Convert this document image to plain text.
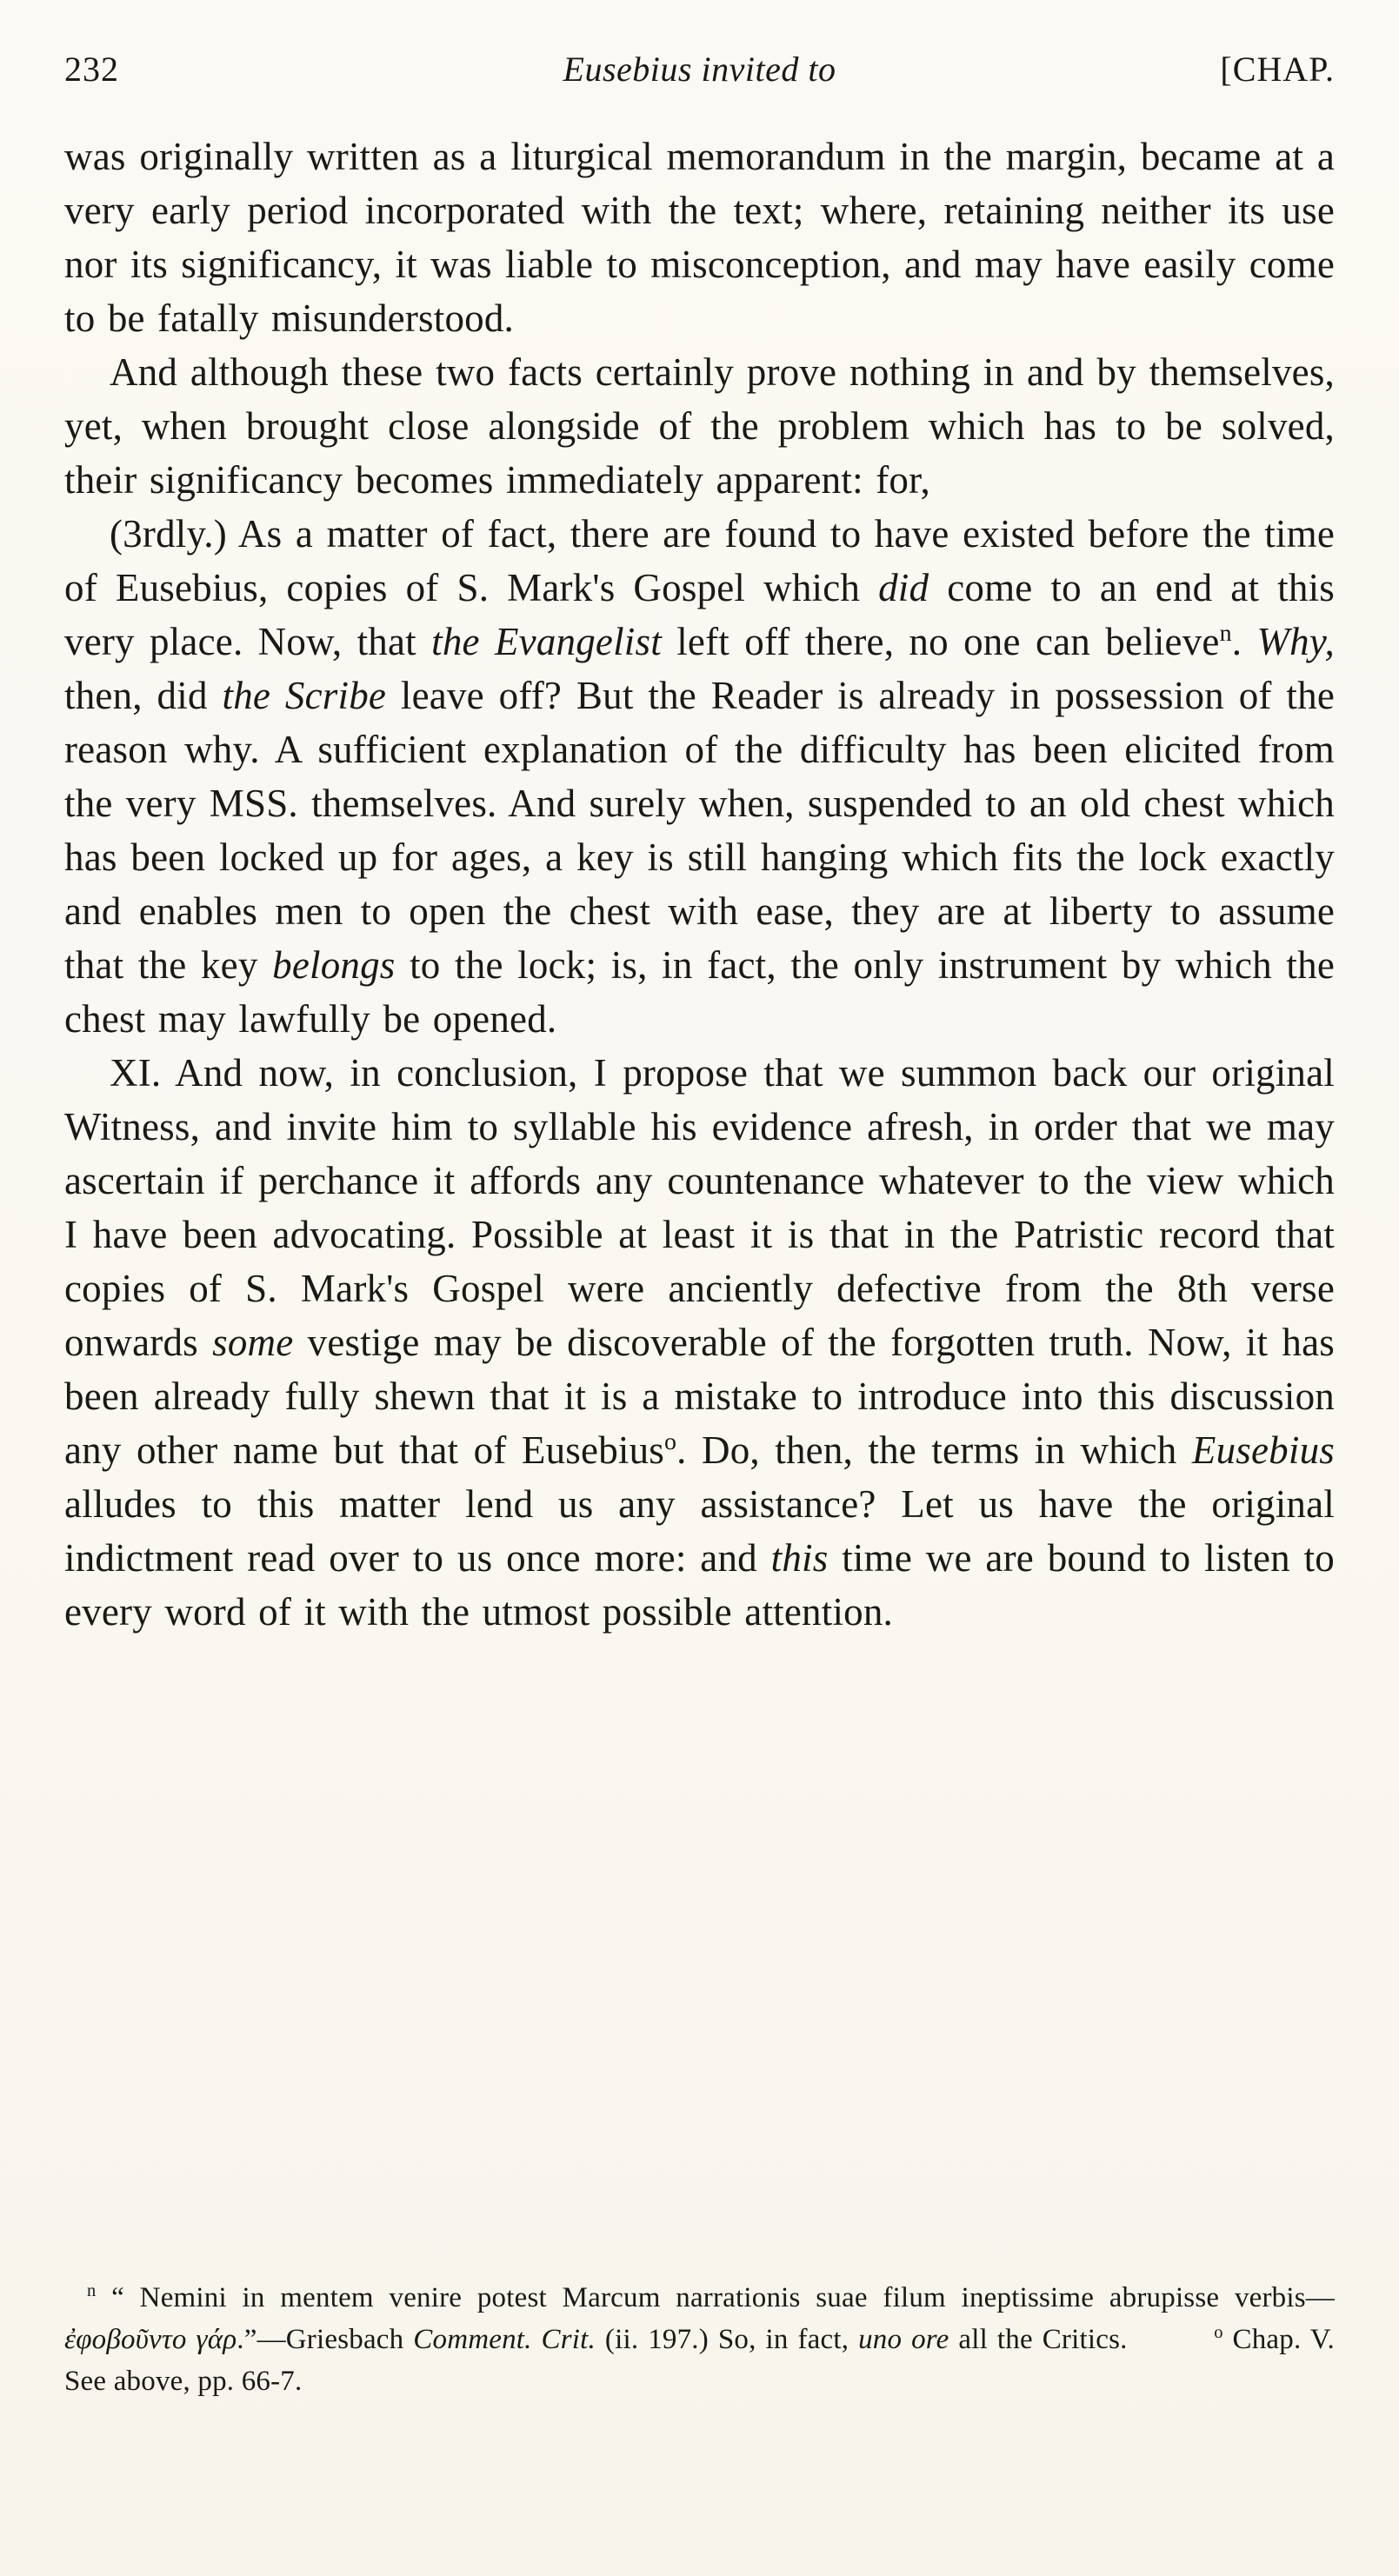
232	Eusebius invited to	[CHAP.

was originally written as a liturgical memorandum in the margin, became at a very early period incorporated with the text; where, retaining neither its use nor its significancy, it was liable to misconception, and may have easily come to be fatally misunderstood.

And although these two facts certainly prove nothing in and by themselves, yet, when brought close alongside of the problem which has to be solved, their significancy becomes immediately apparent: for,

(3rdly.) As a matter of fact, there are found to have existed before the time of Eusebius, copies of S. Mark's Gospel which did come to an end at this very place. Now, that the Evangelist left off there, no one can believe$^n$. Why, then, did the Scribe leave off? But the Reader is already in possession of the reason why. A sufficient explanation of the difficulty has been elicited from the very MSS. themselves. And surely when, suspended to an old chest which has been locked up for ages, a key is still hanging which fits the lock exactly and enables men to open the chest with ease, they are at liberty to assume that the key belongs to the lock; is, in fact, the only instrument by which the chest may lawfully be opened.

XI. And now, in conclusion, I propose that we summon back our original Witness, and invite him to syllable his evidence afresh, in order that we may ascertain if perchance it affords any countenance whatever to the view which I have been advocating. Possible at least it is that in the Patristic record that copies of S. Mark's Gospel were anciently defective from the 8th verse onwards some vestige may be discoverable of the forgotten truth. Now, it has been already fully shewn that it is a mistake to introduce into this discussion any other name but that of Eusebius$^o$. Do, then, the terms in which Eusebius alludes to this matter lend us any assistance? Let us have the original indictment read over to us once more: and this time we are bound to listen to every word of it with the utmost possible attention.

$^n$ “ Nemini in mentem venire potest Marcum narrationis suae filum ineptissime abrupisse verbis—ἐφοβοῦντο γάρ.”—Griesbach Comment. Crit. (ii. 197.) So, in fact, uno ore all the Critics.   	$^o$ Chap. V. See above, pp. 66-7.
